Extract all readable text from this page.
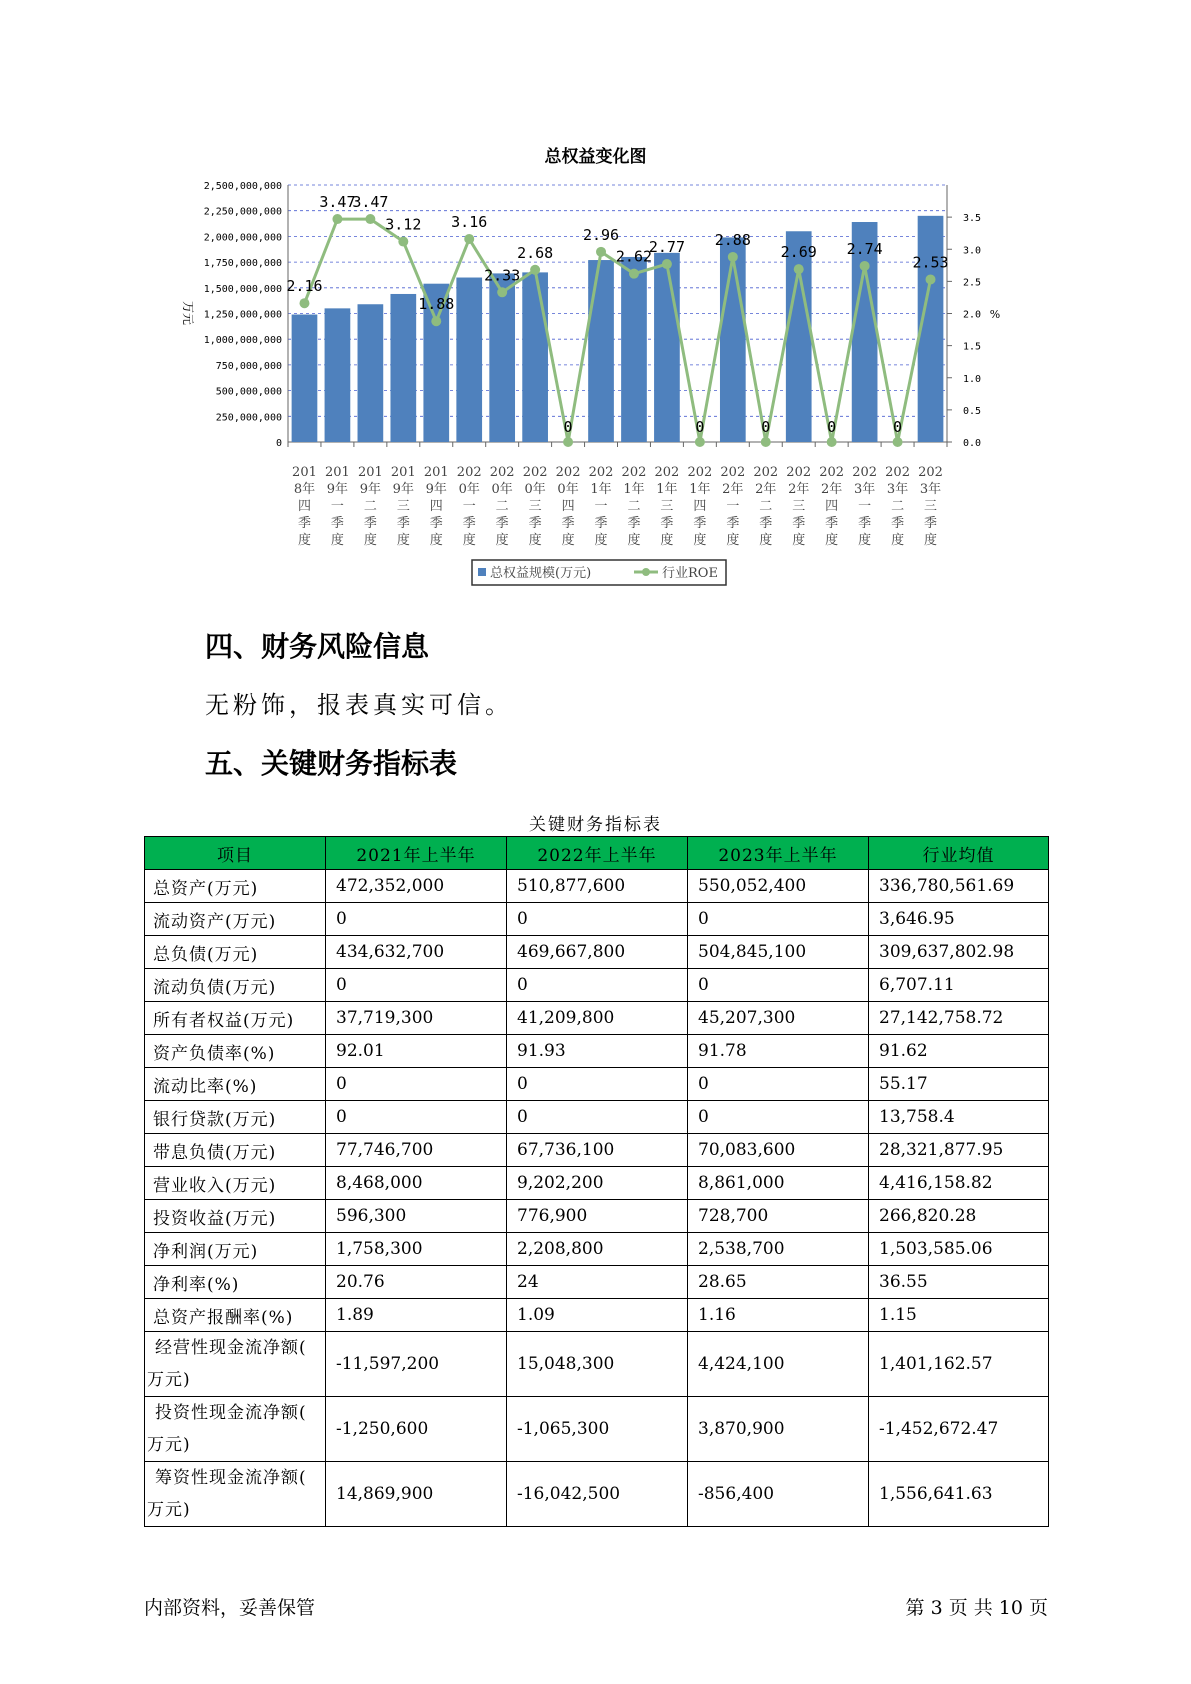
总权益变化图
0
250,000,000
500,000,000
750,000,000
1,000,000,000
1,250,000,000
1,500,000,000
1,750,000,000
2,000,000,000
2,250,000,000
2,500,000,000
0.0
0.5
1.0
1.5
2.0
2.5
3.0
3.5
万元	%
2.16
3.47
3.47
3.12
1.88
3.16
2.33
2.68
0
2.96
2.62
2.77
0
2.88
0
2.69
0
2.74
0
2.53
201
8年
四
季
度
201
9年
一
季
度
201
9年
二
季
度
201
9年
三
季
度
201
9年
四
季
度
202
0年
一
季
度
202
0年
二
季
度
202
0年
三
季
度
202
0年
四
季
度
202
1年
一
季
度
202
1年
二
季
度
202
1年
三
季
度
202
1年
四
季
度
202
2年
一
季
度
202
2年
二
季
度
202
2年
三
季
度
202
2年
四
季
度
202
3年
一
季
度
202
3年
二
季
度
202
3年
三
季
度
总权益规模(万元)	行业ROE
四、财务风险信息
无粉饰，报表真实可信。
五、关键财务指标表
关键财务指标表
项目	2021年上半年	2022年上半年	2023年上半年	行业均值
总资产(万元)	472,352,000	510,877,600	550,052,400	336,780,561.69
流动资产(万元)	0	0	0	3,646.95
总负债(万元)	434,632,700	469,667,800	504,845,100	309,637,802.98
流动负债(万元)	0	0	0	6,707.11
所有者权益(万元)	37,719,300	41,209,800	45,207,300	27,142,758.72
资产负债率(%)	92.01	91.93	91.78	91.62
流动比率(%)	0	0	0	55.17
银行贷款(万元)	0	0	0	13,758.4
带息负债(万元)	77,746,700	67,736,100	70,083,600	28,321,877.95
营业收入(万元)	8,468,000	9,202,200	8,861,000	4,416,158.82
投资收益(万元)	596,300	776,900	728,700	266,820.28
净利润(万元)	1,758,300	2,208,800	2,538,700	1,503,585.06
净利率(%)	20.76	24	28.65	36.55
总资产报酬率(%)	1.89	1.09	1.16	1.15

经营性现金流净额(
万元)	-11,597,200	15,048,300	4,424,100	1,401,162.57

投资性现金流净额(
万元)	-1,250,600	-1,065,300	3,870,900	-1,452,672.47

筹资性现金流净额(
万元)	14,869,900	-16,042,500	-856,400	1,556,641.63
内部资料，妥善保管	第 3 页 共 10 页
